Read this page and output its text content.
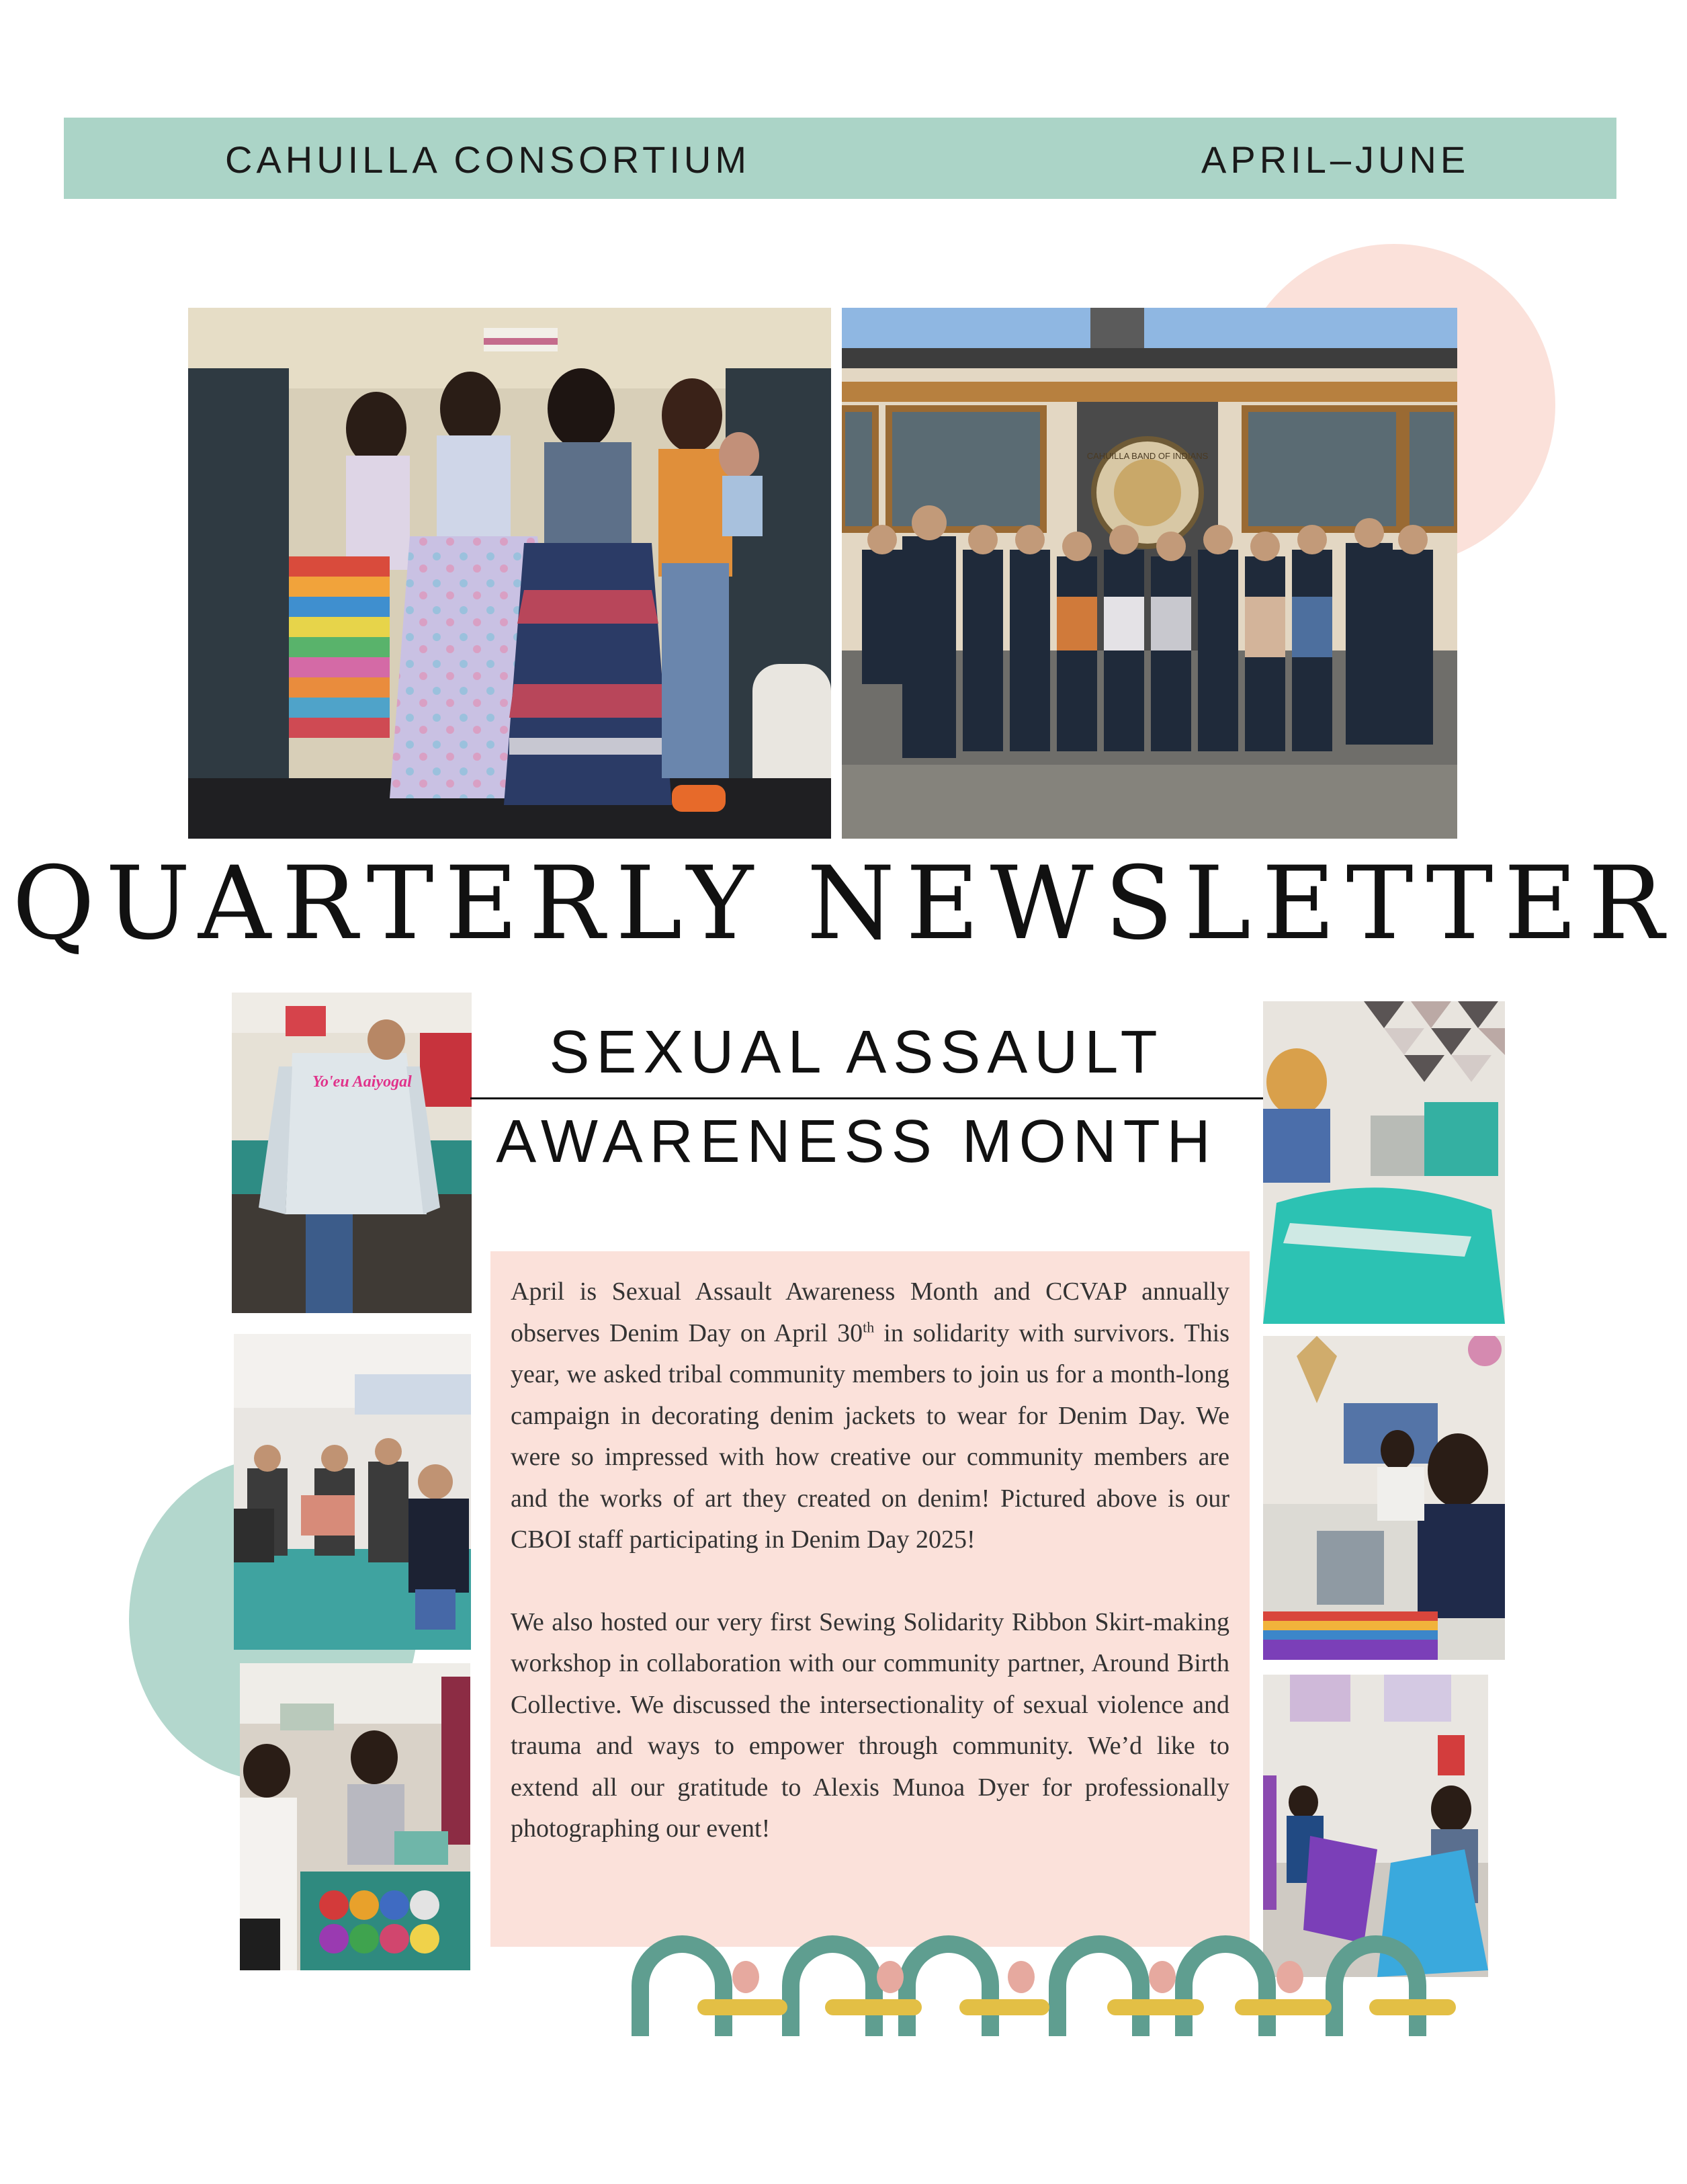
CAHUILLA CONSORTIUM	APRIL–JUNE
CAHUILLA BAND OF INDIANS
QUARTERLY NEWSLETTER
Yo'eu Aaiyogal	SEXUAL ASSAULT
AWARENESS MONTH

April is Sexual Assault Awareness Month and CCVAP annually observes Denim Day on April 30th in solidarity with survivors. This year, we asked tribal community members to join us for a month-long campaign in decorating denim jackets to wear for Denim Day. We were so impressed with how creative our community members are and the works of art they created on denim! Pictured above is our CBOI staff participating in Denim Day 2025!

We also hosted our very first Sewing Solidarity Ribbon Skirt-making workshop in collaboration with our community partner, Around Birth Collective. We discussed the intersectionality of sexual violence and trauma and ways to empower through community. We’d like to extend all our gratitude to Alexis Munoa Dyer for professionally photographing our event!
